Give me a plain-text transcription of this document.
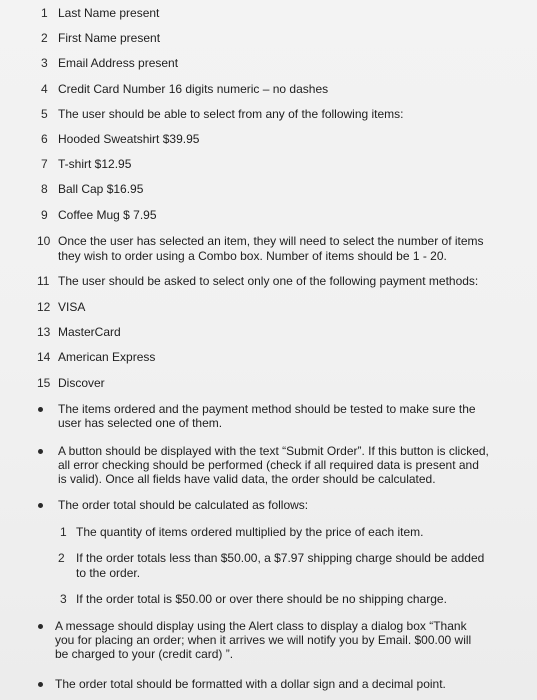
1 Last Name present
2 First Name present
3 Email Address present
4 Credit Card Number 16 digits numeric – no dashes
5 The user should be able to select from any of the following items:
6 Hooded Sweatshirt $39.95
7 T-shirt $12.95
8 Ball Cap $16.95
9 Coffee Mug $ 7.95
10 Once the user has selected an item, they will need to select the number of items
they wish to order using a Combo box. Number of items should be 1 - 20.
11 The user should be asked to select only one of the following payment methods:
12 VISA
13 MasterCard
14 American Express
15 Discover
The items ordered and the payment method should be tested to make sure the
user has selected one of them.
A button should be displayed with the text “Submit Order”. If this button is clicked,
all error checking should be performed (check if all required data is present and
is valid). Once all fields have valid data, the order should be calculated.
The order total should be calculated as follows:
1 The quantity of items ordered multiplied by the price of each item.
2 If the order totals less than $50.00, a $7.97 shipping charge should be added
to the order.
3 If the order total is $50.00 or over there should be no shipping charge.
A message should display using the Alert class to display a dialog box “Thank
you for placing an order; when it arrives we will notify you by Email. $00.00 will
be charged to your (credit card) ”.
The order total should be formatted with a dollar sign and a decimal point.
